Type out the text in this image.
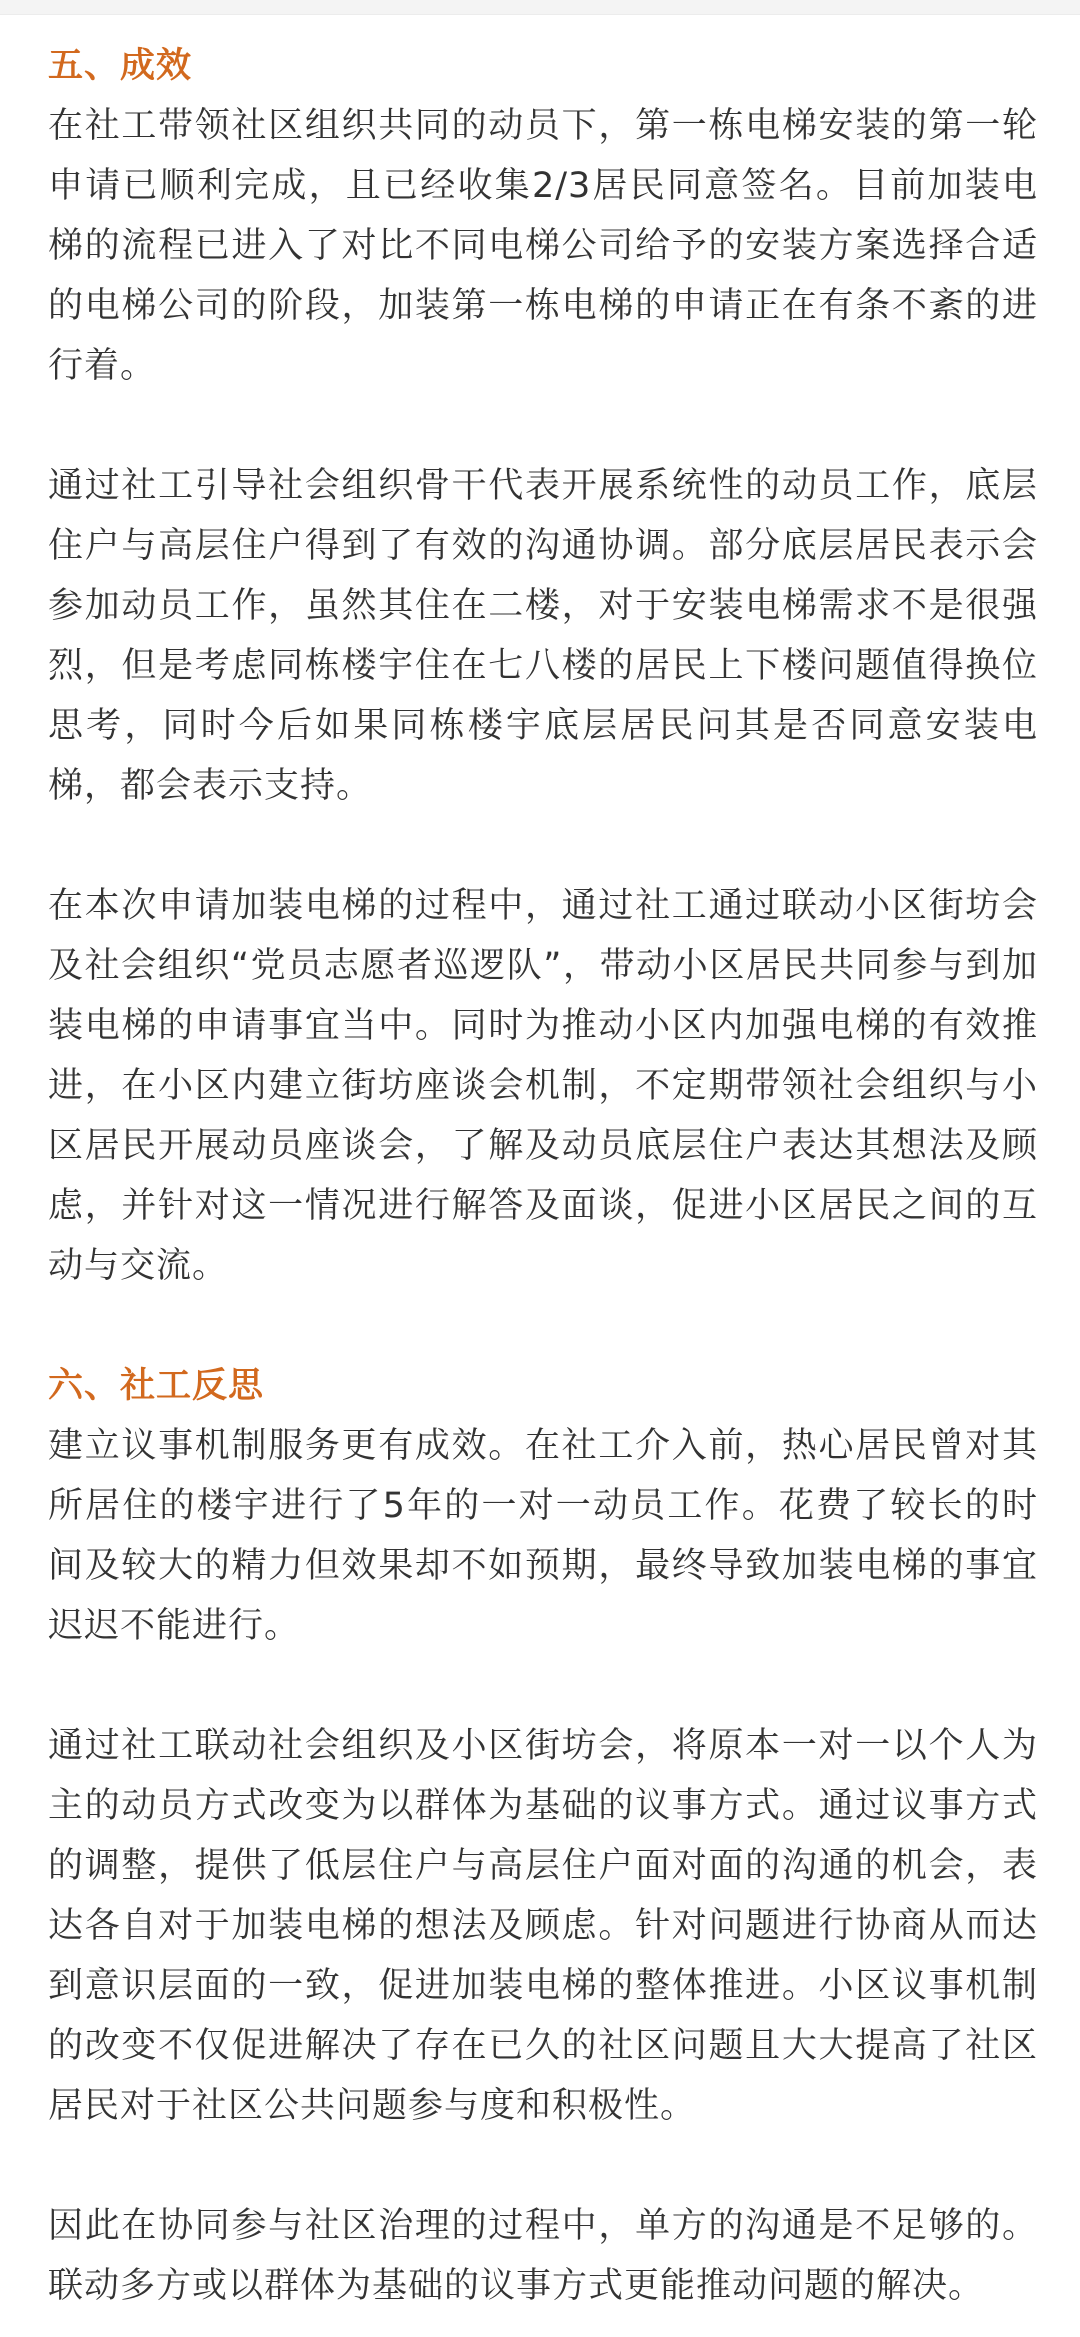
五、成效

在社工带领社区组织共同的动员下，第一栋电梯安装的第一轮申请已顺利完成，且已经收集2/3居民同意签名。目前加装电梯的流程已进入了对比不同电梯公司给予的安装方案选择合适的电梯公司的阶段，加装第一栋电梯的申请正在有条不紊的进行着。

通过社工引导社会组织骨干代表开展系统性的动员工作，底层住户与高层住户得到了有效的沟通协调。部分底层居民表示会参加动员工作，虽然其住在二楼，对于安装电梯需求不是很强烈，但是考虑同栋楼宇住在七八楼的居民上下楼问题值得换位思考，同时今后如果同栋楼宇底层居民问其是否同意安装电梯，都会表示支持。

在本次申请加装电梯的过程中，通过社工通过联动小区街坊会及社会组织“党员志愿者巡逻队”，带动小区居民共同参与到加装电梯的申请事宜当中。同时为推动小区内加强电梯的有效推进，在小区内建立街坊座谈会机制，不定期带领社会组织与小区居民开展动员座谈会，了解及动员底层住户表达其想法及顾虑，并针对这一情况进行解答及面谈，促进小区居民之间的互动与交流。

六、社工反思

建立议事机制服务更有成效。在社工介入前，热心居民曾对其所居住的楼宇进行了5年的一对一动员工作。花费了较长的时间及较大的精力但效果却不如预期，最终导致加装电梯的事宜迟迟不能进行。

通过社工联动社会组织及小区街坊会，将原本一对一以个人为主的动员方式改变为以群体为基础的议事方式。通过议事方式的调整，提供了低层住户与高层住户面对面的沟通的机会，表达各自对于加装电梯的想法及顾虑。针对问题进行协商从而达到意识层面的一致，促进加装电梯的整体推进。小区议事机制的改变不仅促进解决了存在已久的社区问题且大大提高了社区居民对于社区公共问题参与度和积极性。

因此在协同参与社区治理的过程中，单方的沟通是不足够的。联动多方或以群体为基础的议事方式更能推动问题的解决。
